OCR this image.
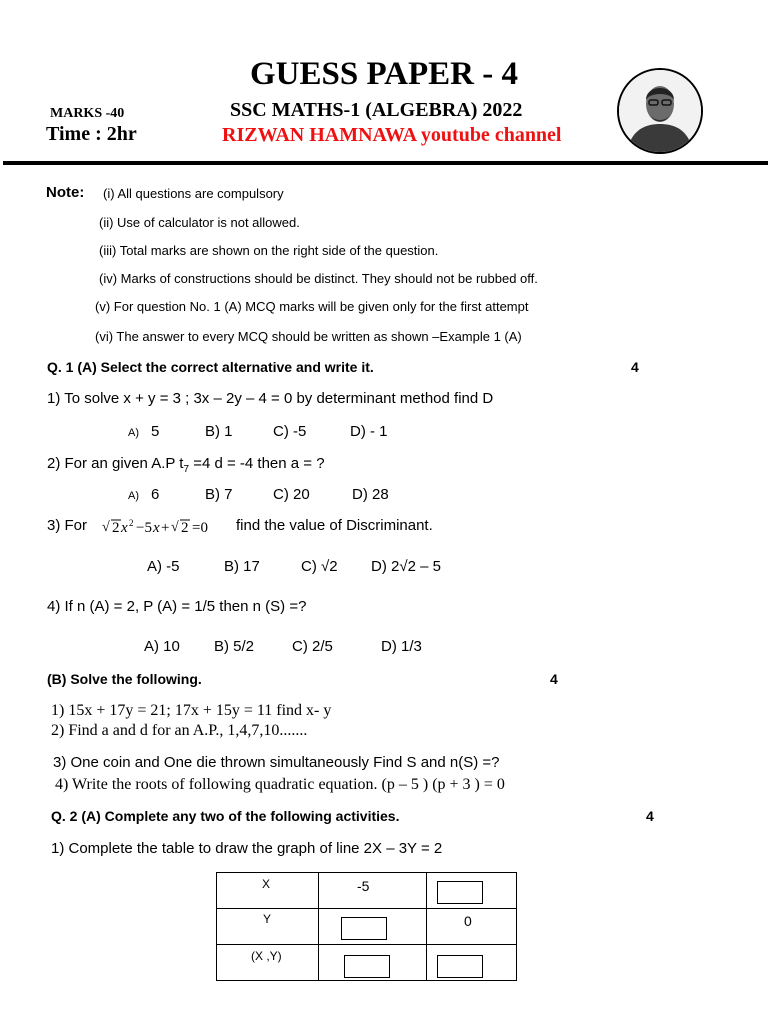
GUESS PAPER - 4
MARKS -40
Time : 2hr
SSC MATHS-1 (ALGEBRA) 2022
RIZWAN HAMNAWA youtube channel
Note: (i) All questions are compulsory
(ii) Use of calculator is not allowed.
(iii) Total marks are shown on the right side of the question.
(iv) Marks of constructions should be distinct. They should not be rubbed off.
(v) For question No. 1 (A) MCQ marks will be given only for the first attempt
(vi) The answer to every MCQ should be written as shown –Example 1 (A)
Q. 1 (A) Select the correct alternative and write it.	4
1) To solve x + y = 3 ; 3x – 2y – 4 = 0 by determinant method find D
A) 5	B) 1	C) -5	D) - 1
2) For an given A.P $t_7 =4$ d = -4 then a = ?
A) 6	B) 7	C) 20	D) 28
3) For √ 2 x 2 −5 x + √ 2 =0 find the value of Discriminant.
A) -5	B) 17	C) √2 D) 2√2 – 5
4) If n (A) = 2, P (A) = 1/5 then n (S) =?
A) 10 B) 5/2	C) 2/5	D) 1/3
(B) Solve the following.	4
1) 15x + 17y = 21; 17x + 15y = 11 find x- y
2) Find a and d for an A.P., 1,4,7,10.......
3) One coin and One die thrown simultaneously Find S and n(S) =?
4) Write the roots of following quadratic equation. (p – 5 ) (p + 3 ) = 0
Q. 2 (A) Complete any two of the following activities.	4
1) Complete the table to draw the graph of line 2X – 3Y = 2
X	-5	

Y		0

(X ,Y)		
